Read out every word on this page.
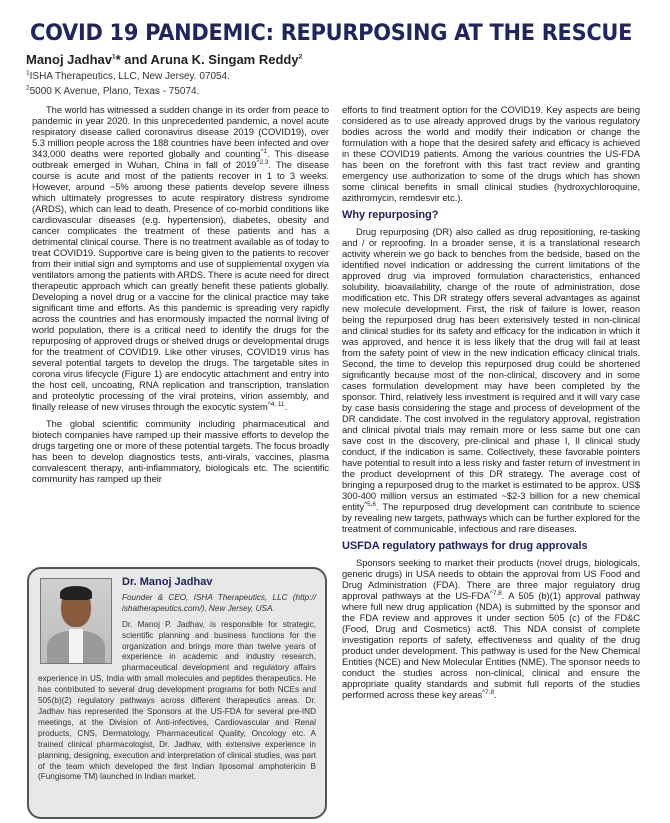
COVID 19 PANDEMIC: REPURPOSING AT THE RESCUE
Manoj Jadhav$^1$* and Aruna K. Singam Reddy$^2$
$^1$ISHA Therapeutics, LLC, New Jersey. 07054.
$^2$5000 K Avenue, Plano, Texas - 75074.

The world has witnessed a sudden change in its order from peace to pandemic in year 2020. In this unprecedented pandemic, a novel acute respiratory disease called coronavirus disease 2019 (COVID19), over 5.3 million people across the 188 countries have been infected and over 343,000 deaths were reported globally and counting$^{\^{}1}$. This disease outbreak emerged in Wuhan, China in fall of $2019^{\^{}2,3}$. The disease course is acute and most of the patients recover in 1 to 3 weeks. However, around ~5% among these patients develop severe illness which ultimately progresses to acute respiratory distress syndrome (ARDS), which can lead to death. Presence of co-morbid conditions like cardiovascular diseases (e.g. hypertension), diabetes, obesity and cancer complicates the treatment of these patients and has a detrimental clinical course. There is no treatment available as of today to treat COVID19. Supportive care is being given to the patients to recover from their initial sign and symptoms and use of supplemental oxygen via ventilators among the patients with ARDS. There is acute need for direct therapeutic approach which can greatly benefit these patients globally. Developing a novel drug or a vaccine for the clinical practice may take significant time and efforts. As this pandemic is spreading very rapidly across the countries and has enormously impacted the normal living of world population, there is a critical need to identify the drugs for the repurposing of approved drugs or shelved drugs or developmental drugs for the treatment of COVID19. Like other viruses, COVID19 virus has several potential targets to develop the drugs. The targetable sites in corona virus lifecycle (Figure 1) are endocytic attachment and entry into the host cell, uncoating, RNA replication and transcription, translation and proteolytic processing of the viral proteins, virion assembly, and finally release of new viruses through the exocytic system$^{\^{}4, 11}$.

The global scientific community including pharmaceutical and biotech companies have ramped up their massive efforts to develop the drugs targeting one or more of these potential targets. The focus broadly has been to develop diagnostics tests, anti-virals, vaccines, plasma convalescent therapy, anti-inflammatory, biologicals etc. The scientific community has ramped up their

efforts to find treatment option for the COVID19. Key aspects are being considered as to use already approved drugs by the various regulatory bodies across the world and modify their indication or change the formulation with a hope that the desired safety and efficacy is achieved in these COVID19 patients. Among the various countries the US-FDA has been on the forefront with this fast tract review and granting emergency use authorization to some of the drugs which has shown some clinical benefits in small clinical studies (hydroxychloroquine, azithromycin, remdesvir etc.).

Why repurposing?

Drug repurposing (DR) also called as drug repositioning, re-tasking and / or reproofing. In a broader sense, it is a translational research activity wherein we go back to benches from the bedside, based on the identified novel indication or addressing the current limitations of the approved drug via improved formulation characteristics, enhanced solubility, bioavailability, change of the route of administration, dose modification etc. This DR strategy offers several advantages as against new molecule development. First, the risk of failure is lower, reason being the repurposed drug has been extensively tested in non-clinical and clinical studies for its safety and efficacy for the indication in which it was approved, and hence it is less likely that the drug will fail at least from the safety point of view in the new indication efficacy clinical trials. Second, the time to develop this repurposed drug could be shortened significantly because most of the non-clinical, discovery and in some cases formulation development may have been completed by the sponsor. Third, relatively less investment is required and it will vary case by case basis considering the stage and process of development of the DR candidate. The cost involved in the regulatory approval, registration and clinical pivotal trials may remain more or less same but one can save cost in the discovery, pre-clinical and phase I, II clinical study conduct, if the indication is same. Collectively, these favorable pointers have potential to result into a less risky and faster return of investment in the product development of this DR strategy. The average cost of bringing a repurposed drug to the market is estimated to be approx. US$ 300-400 million versus an estimated ~$2-3 billion for a new chemical entity$^{\^{}5,6}$. The repurposed drug development can contribute to science by revealing new targets, pathways which can be further explored for the treatment of communicable, infectious and rare diseases.

USFDA regulatory pathways for drug approvals

Sponsors seeking to market their products (novel drugs, biologicals, generic drugs) in USA needs to obtain the approval from US Food and Drug Administration (FDA). There are three major regulatory drug approval pathways at the $US-FDA^{\^{}7,8}$. A 505 (b)(1) approval pathway where full new drug application (NDA) is submitted by the sponsor and the FDA review and approves it under section 505 (c) of the FD&C (Food, Drug and Cosmetics) act8. This NDA consist of complete investigation reports of safety, effectiveness and quality of the drug product under development. This pathway is used for the New Chemical Entities (NCE) and New Molecular Entities (NME). The sponsor needs to conduct the studies across non-clinical, clinical and ensure the appropriate quality standards and submit full reports of the studies performed across these key areas$^{\^{}7,8}$.

Dr. Manoj Jadhav
Founder & CEO, ISHA Therapeutics, LLC (http:// ishatherapeutics.com/), New Jersey, USA.
Dr. Manoj P. Jadhav, is responsible for strategic, scientific planning and business functions for the organization and brings more than twelve years of experience in academic and industry research, pharmaceutical development and regulatory affairs experience in US, India with small molecules and peptides therapeutics. He has contributed to several drug development programs for both NCEs and 505(b)(2) regulatory pathways across different therapeutics areas. Dr. Jadhav has represented the Sponsors at the US-FDA for several pre-IND meetings, at the Division of Anti-infectives, Cardiovascular and Renal products, CNS, Dermatology, Pharmaceutical Quality, Oncology etc. A trained clinical pharmacologist, Dr. Jadhav, with extensive experience in planning, designing, execution and interpretation of clinical studies, was part of the team which developed the first Indian liposomal amphotericin B (Fungisome TM) launched in Indian market.
